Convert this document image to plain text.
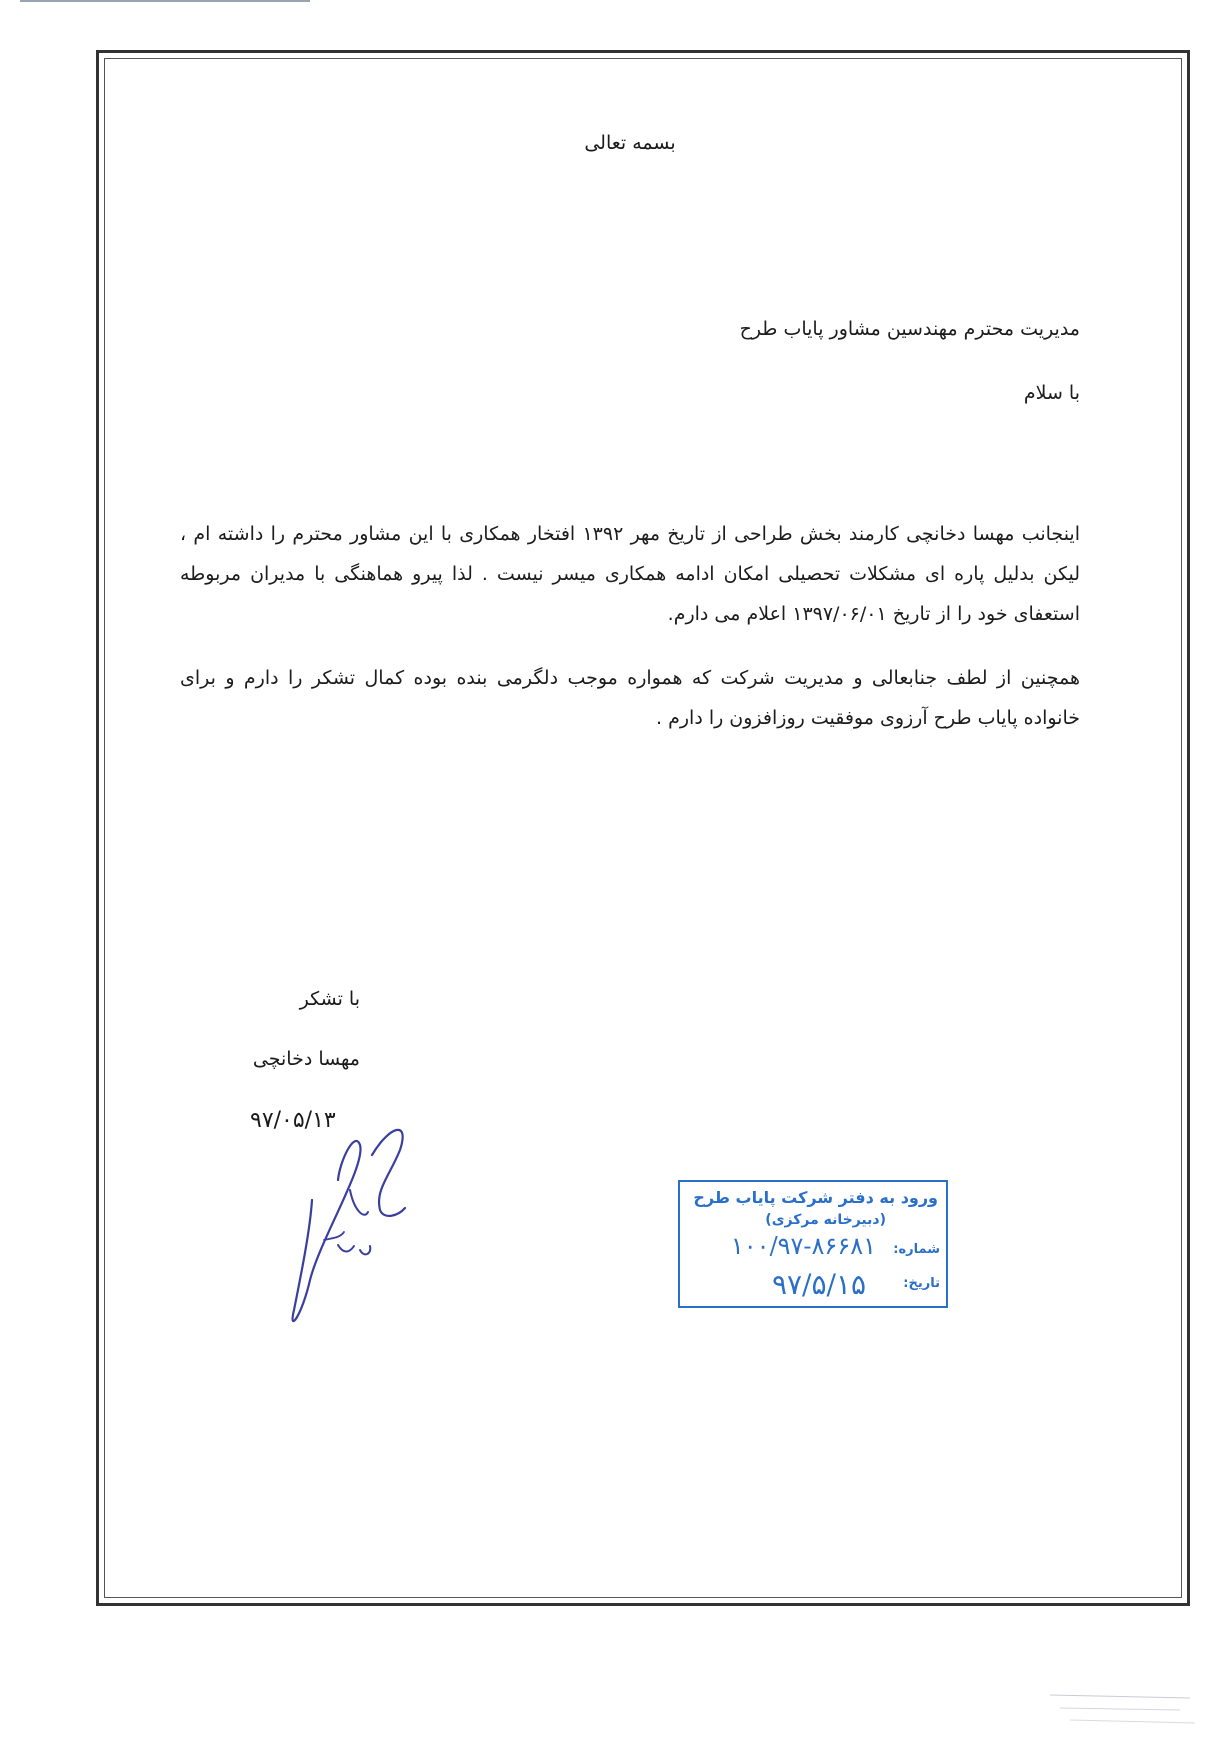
بسمه تعالی
مدیریت محترم مهندسین مشاور پایاب طرح
با سلام

اینجانب مهسا دخانچی کارمند بخش طراحی از تاریخ مهر ۱۳۹۲ افتخار همکاری با این مشاور محترم را داشته ام ، لیکن بدلیل پاره ای مشکلات تحصیلی امکان ادامه همکاری میسر نیست . لذا پیرو هماهنگی با مدیران مربوطه استعفای خود را از تاریخ ۱۳۹۷/۰۶/۰۱ اعلام می دارم.

همچنین از لطف جنابعالی و مدیریت شرکت که همواره موجب دلگرمی بنده بوده کمال تشکر را دارم و برای خانواده پایاب طرح آرزوی موفقیت روزافزون را دارم .

با تشکر
مهسا دخانچی
۹۷/۰۵/۱۳
ورود به دفتر شرکت پایاب طرح
(دبیرخانه مرکزی)
شماره:
۱۰۰/۹۷-۸۶۶۸۱
تاریخ:
۹۷/۵/۱۵
